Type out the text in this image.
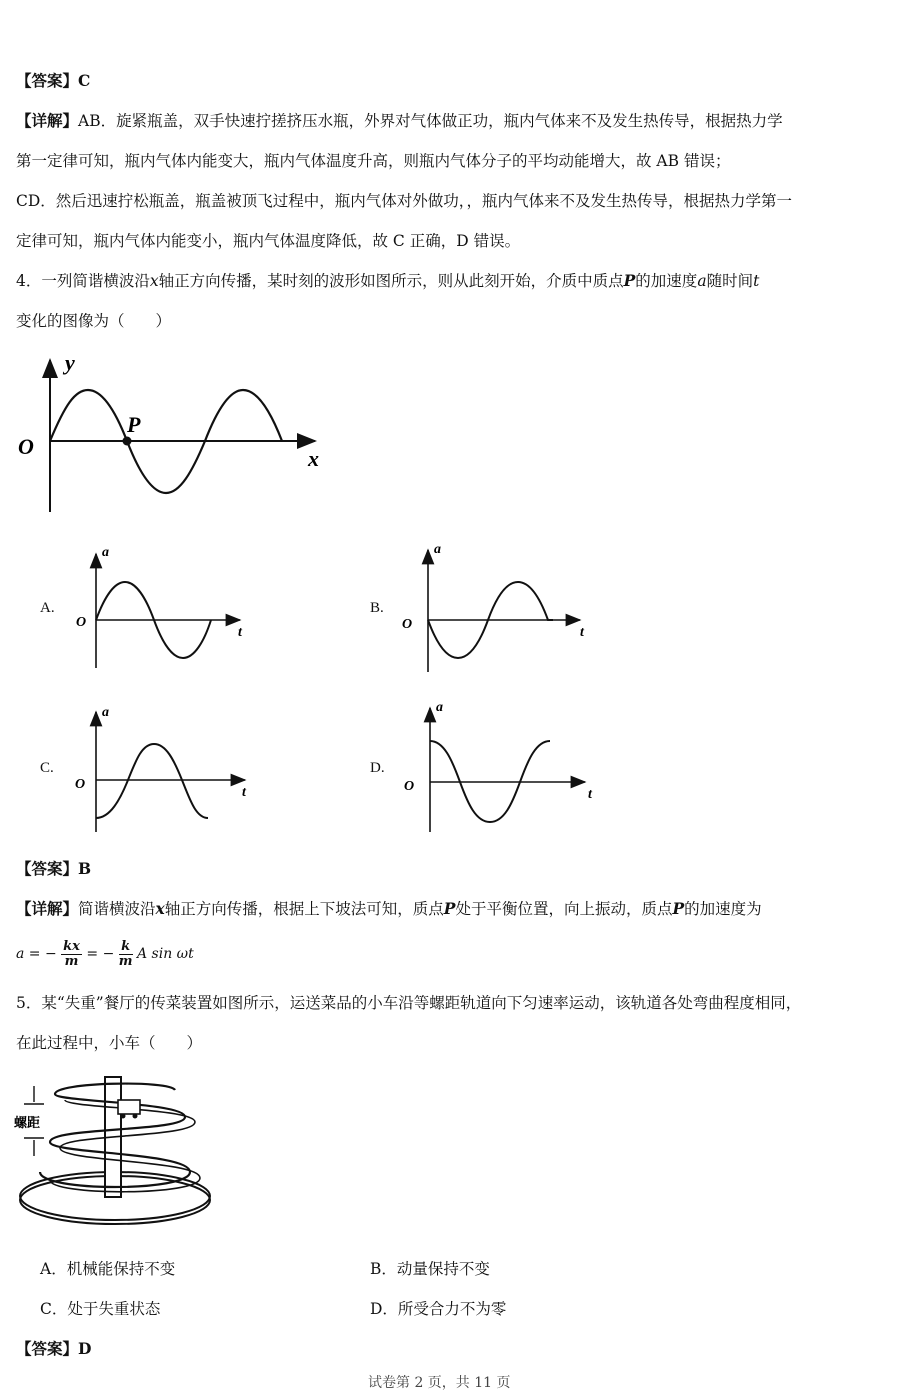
【答案】C
【详解】AB．旋紧瓶盖，双手快速拧搓挤压水瓶，外界对气体做正功，瓶内气体来不及发生热传导，根据热力学
第一定律可知，瓶内气体内能变大，瓶内气体温度升高，则瓶内气体分子的平均动能增大，故 AB 错误；
CD．然后迅速拧松瓶盖，瓶盖被顶飞过程中，瓶内气体对外做功，，瓶内气体来不及发生热传导，根据热力学第一
定律可知，瓶内气体内能变小，瓶内气体温度降低，故 C 正确，D 错误。
4．一列简谐横波沿x轴正方向传播，某时刻的波形如图所示，则从此刻开始，介质中质点P的加速度a随时间t
变化的图像为（　　）
y
x
O
P
A.
a
t
O
B.
a
t
O
C.
a
t
O
D.
a
t
O
【答案】B
【详解】简谐横波沿x轴正方向传播，根据上下坡法可知，质点P处于平衡位置，向上振动，质点P的加速度为
a = − $\frac{kx}{m}$ = − $\frac{k}{m}$ A sin ωt
5．某“失重”餐厅的传菜装置如图所示，运送菜品的小车沿等螺距轨道向下匀速率运动，该轨道各处弯曲程度相同，
在此过程中，小车（　　）
螺距
A．机械能保持不变	B．动量保持不变
C．处于失重状态	D．所受合力不为零
【答案】D
试卷第 2 页，共 11 页
